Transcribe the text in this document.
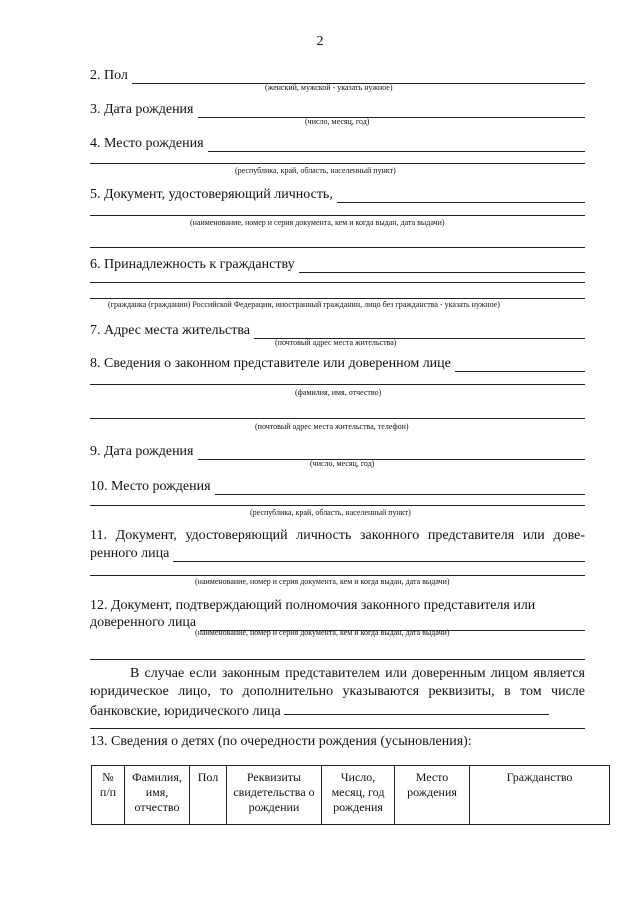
2
2. Пол
(женский, мужской - указать нужное)
3. Дата рождения
(число, месяц, год)
4. Место рождения
(республика, край, область, населенный пункт)
5. Документ, удостоверяющий личность,
(наименование, номер и серия документа, кем и когда выдан, дата выдачи)
6. Принадлежность к гражданству
(гражданка (гражданин) Российской Федерации, иностранный гражданин, лицо без гражданства - указать нужное)
7. Адрес места жительства
(почтовый адрес места жительства)
8. Сведения о законном представителе или доверенном лице
(фамилия, имя, отчество)
(почтовый адрес места жительства, телефон)
9. Дата рождения
(число, месяц, год)
10. Место рождения
(республика, край, область, населенный пункт)
11. Документ, удостоверяющий личность законного представителя или дове-
ренного лица
(наименование, номер и серия документа, кем и когда выдан, дата выдачи)
12. Документ, подтверждающий полномочия законного представителя или
доверенного лица
(наименование, номер и серия документа, кем и когда выдан, дата выдачи)
В случае если законным представителем или доверенным лицом является
юридическое лицо, то дополнительно указываются реквизиты, в том числе
банковские, юридического лица
13. Сведения о детях (по очередности рождения (усыновления):
№
п/п	Фамилия,
имя,
отчество	Пол	Реквизиты
свидетельства о
рождении	Число,
месяц, год
рождения	Место
рождения	Гражданство
